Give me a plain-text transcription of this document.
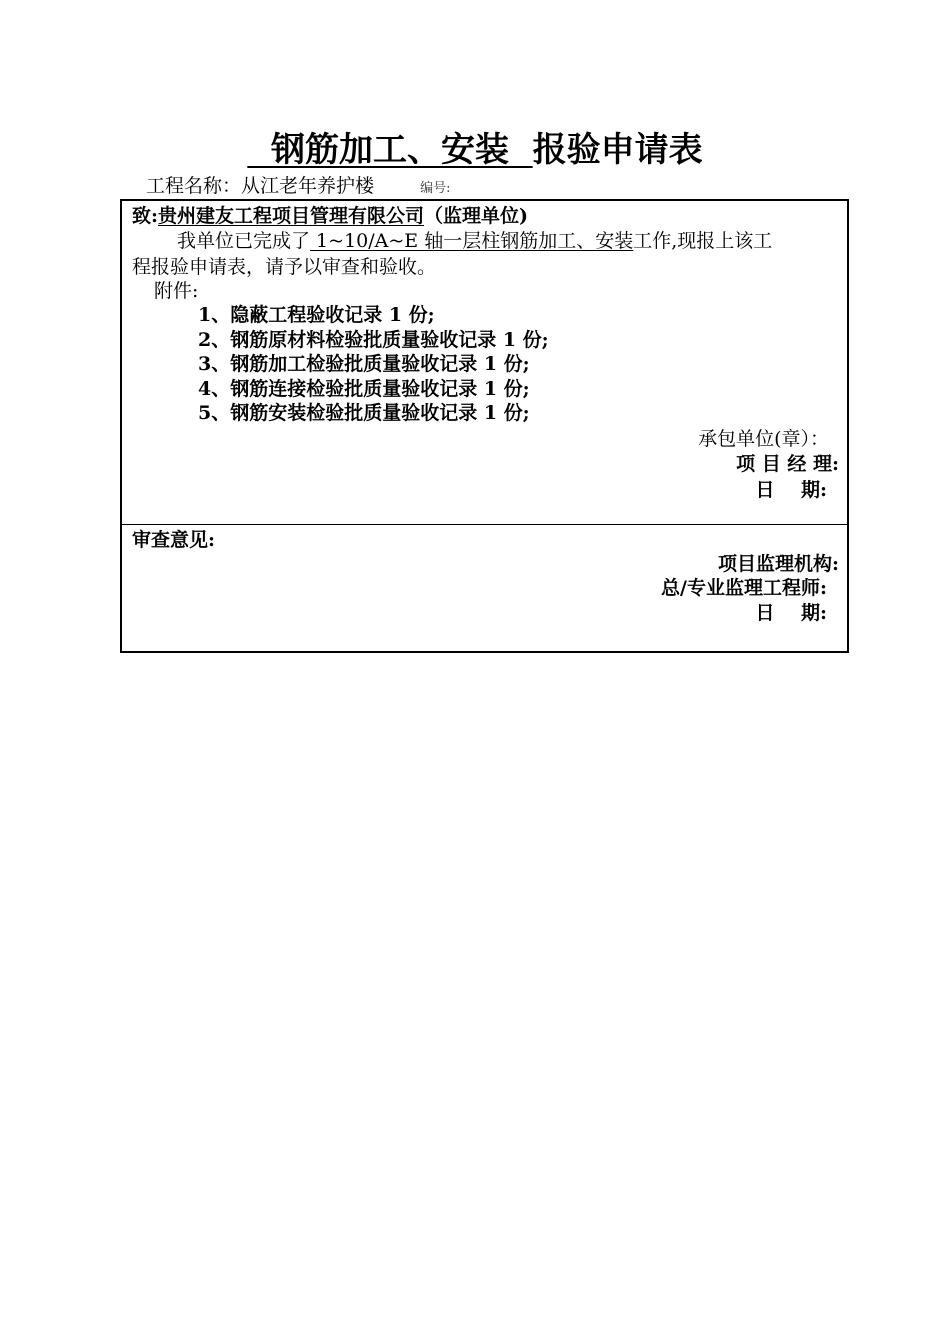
钢筋加工、安装  报验申请表
工程名称：从江老年养护楼	编号:
致:贵州建友工程项目管理有限公司（监理单位)
我单位已完成了 1~10/A~E 轴一层柱钢筋加工、安装工作,现报上该工
程报验申请表，请予以审查和验收。
附件:
1、隐蔽工程验收记录 1 份;
2、钢筋原材料检验批质量验收记录 1 份;
3、钢筋加工检验批质量验收记录 1 份;
4、钢筋连接检验批质量验收记录 1 份;
5、钢筋安装检验批质量验收记录 1 份;
承包单位(章）：
项 目 经 理:
日    期:
审查意见:
项目监理机构:
总/专业监理工程师:
日    期:
